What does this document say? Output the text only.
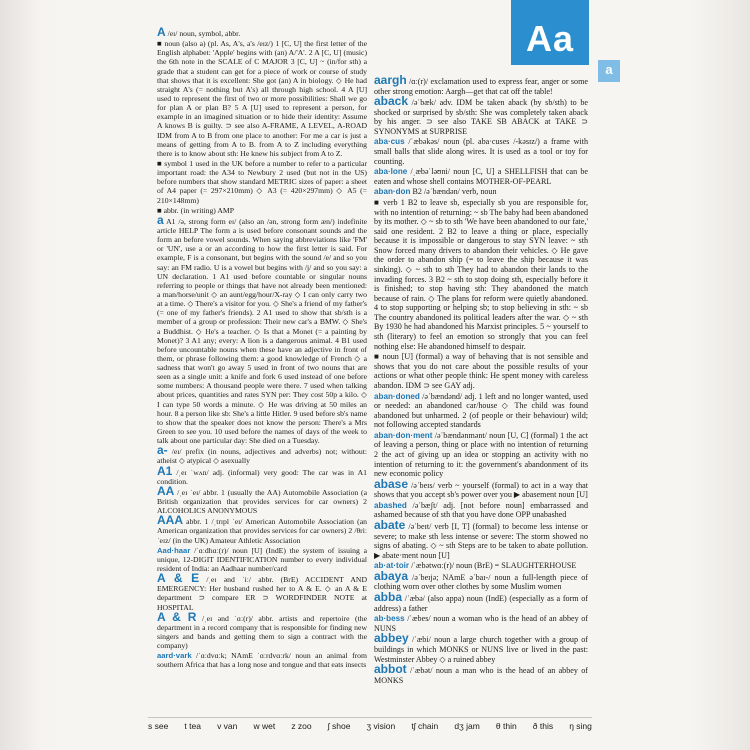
A /eɪ/ noun, symbol, abbr.
■ noun (also a) (pl. As, A's, a's /eɪz/) 1 [C, U] the first letter of the English alphabet: 'Apple' begins with (an) A/'A'. 2 A [C, U] (music) the 6th note in the SCALE of C MAJOR 3 [C, U] ~ (in/for sth) a grade that a student can get for a piece of work or course of study that shows that it is excellent: She got (an) A in biology. ◇ He had straight A's (= nothing but A's) all through high school. 4 A [U] used to represent the first of two or more possibilities: Shall we go for plan A or plan B? 5 A [U] used to represent a person, for example in an imagined situation or to hide their identity: Assume A knows B is guilty. ⊃ see also A-FRAME, A LEVEL, A-ROAD IDM from A to B from one place to another: For me a car is just a means of getting from A to B. from A to Z including everything there is to know about sth: He knew his subject from A to Z.
■ symbol 1 used in the UK before a number to refer to a particular important road: the A34 to Newbury 2 used (but not in the US) before numbers that show standard METRIC sizes of paper: a sheet of A4 paper (= 297×210mm) ◇ A3 (= 420×297mm) ◇ A5 (= 210×148mm)
■ abbr. (in writing) AMP
a A1 /ə, strong form eɪ/ (also an /ən, strong form æn/) indefinite article HELP The form a is used before consonant sounds and the form an before vowel sounds. When saying abbreviations like 'FM' or 'UN', use a or an according to how the first letter is said. For example, F is a consonant, but begins with the sound /e/ and so you say: an FM radio. U is a vowel but begins with /j/ and so you say: a UN declaration. 1 A1 used before countable or singular nouns referring to people or things that have not already been mentioned: a man/horse/unit ◇ an aunt/egg/hour/X-ray ◇ I can only carry two at a time. ◇ There's a visitor for you. ◇ She's a friend of my father's (= one of my father's friends). 2 A1 used to show that sb/sth is a member of a group or profession: Their new car's a BMW. ◇ She's a Buddhist. ◇ He's a teacher. ◇ Is that a Monet (= a painting by Monet)? 3 A1 any; every: A lion is a dangerous animal. 4 B1 used before uncountable nouns when these have an adjective in front of them, or phrase following them: a good knowledge of French ◇ a sadness that won't go away 5 used in front of two nouns that are seen as a single unit: a knife and fork 6 used instead of one before some numbers: A thousand people were there. 7 used when talking about prices, quantities and rates SYN per: They cost 50p a kilo. ◇ I can type 50 words a minute. ◇ He was driving at 50 miles an hour. 8 a person like sb: She's a little Hitler. 9 used before sb's name to show that the speaker does not know the person: There's a Mrs Green to see you. 10 used before the names of days of the week to talk about one particular day: She died on a Tuesday.
a- /eɪ/ prefix (in nouns, adjectives and adverbs) not; without: atheist ◇ atypical ◇ asexually
A1 /ˌeɪ ˈwʌn/ adj. (informal) very good: The car was in A1 condition.
AA /ˌeɪ ˈeɪ/ abbr. 1 (usually the AA) Automobile Association (a British organization that provides services for car owners) 2 ALCOHOLICS ANONYMOUS
AAA abbr. 1 /ˌtrɪpl ˈeɪ/ American Automobile Association (an American organization that provides services for car owners) 2 /θriː ˈeɪz/ (in the UK) Amateur Athletic Association
Aad·haar /ˈɑːdhɑː(r)/ noun [U] (IndE) the system of issuing a unique, 12-DIGIT IDENTIFICATION number to every individual resident of India: an Aadhaar number/card
A & E /ˌeɪ ənd ˈiː/ abbr. (BrE) ACCIDENT AND EMERGENCY: Her husband rushed her to A & E. ◇ an A & E department ⊃ compare ER ⊃ WORDFINDER NOTE at HOSPITAL
A & R /ˌeɪ ənd ˈɑː(r)/ abbr. artists and repertoire (the department in a record company that is responsible for finding new singers and bands and getting them to sign a contract with the company)
aard·vark /ˈɑːdvɑːk; NAmE ˈɑːrdvɑːrk/ noun an animal from southern Africa that has a long nose and tongue and that eats insects
aargh /ɑː(r)/ exclamation used to express fear, anger or some other strong emotion: Aargh—get that cat off the table!
aback /əˈbæk/ adv. IDM be taken aback (by sb/sth) to be shocked or surprised by sb/sth: She was completely taken aback by his anger. ⊃ see also TAKE SB ABACK at TAKE ⊃ SYNONYMS at SURPRISE
aba·cus /ˈæbəkəs/ noun (pl. aba·cuses /-kəsɪz/) a frame with small balls that slide along wires. It is used as a tool or toy for counting.
aba·lone /ˌæbəˈləʊni/ noun [C, U] a SHELLFISH that can be eaten and whose shell contains MOTHER-OF-PEARL
aban·don B2 /əˈbændən/ verb, noun
■ verb 1 B2 to leave sb, especially sb you are responsible for, with no intention of returning: ~ sb The baby had been abandoned by its mother. ◇ ~ sb to sth 'We have been abandoned to our fate,' said one resident. 2 B2 to leave a thing or place, especially because it is impossible or dangerous to stay SYN leave: ~ sth Snow forced many drivers to abandon their vehicles. ◇ He gave the order to abandon ship (= to leave the ship because it was sinking). ◇ ~ sth to sth They had to abandon their lands to the invading forces. 3 B2 ~ sth to stop doing sth, especially before it is finished; to stop having sth: They abandoned the match because of rain. ◇ The plans for reform were quietly abandoned. 4 to stop supporting or helping sb; to stop believing in sth: ~ sb The country abandoned its political leaders after the war. ◇ ~ sth By 1930 he had abandoned his Marxist principles. 5 ~ yourself to sth (literary) to feel an emotion so strongly that you can feel nothing else: He abandoned himself to despair.
■ noun [U] (formal) a way of behaving that is not sensible and shows that you do not care about the possible results of your actions or what other people think: He spent money with careless abandon. IDM ⊃ see GAY adj.
aban·doned /əˈbændənd/ adj. 1 left and no longer wanted, used or needed: an abandoned car/house ◇ The child was found abandoned but unharmed. 2 (of people or their behaviour) wild; not following accepted standards
aban·don·ment /əˈbændənmənt/ noun [U, C] (formal) 1 the act of leaving a person, thing or place with no intention of returning 2 the act of giving up an idea or stopping an activity with no intention of returning to it: the government's abandonment of its new economic policy
abase /əˈbeɪs/ verb ~ yourself (formal) to act in a way that shows that you accept sb's power over you ▶ abasement noun [U]
abashed /əˈbæʃt/ adj. [not before noun] embarrassed and ashamed because of sth that you have done OPP unabashed
abate /əˈbeɪt/ verb [I, T] (formal) to become less intense or severe; to make sth less intense or severe: The storm showed no signs of abating. ◇ ~ sth Steps are to be taken to abate pollution. ▶ abate·ment noun [U]
ab·at·toir /ˈæbətwɑː(r)/ noun (BrE) = SLAUGHTERHOUSE
abaya /əˈbeɪjə; NAmE əˈbaɪ-/ noun a full-length piece of clothing worn over other clothes by some Muslim women
abba /ˈæbə/ (also appa) noun (IndE) (especially as a form of address) a father
ab·bess /ˈæbes/ noun a woman who is the head of an abbey of NUNS
abbey /ˈæbi/ noun a large church together with a group of buildings in which MONKS or NUNS live or lived in the past: Westminster Abbey ◇ a ruined abbey
abbot /ˈæbət/ noun a man who is the head of an abbey of MONKS
Aa
a
s see t tea v van w wet z zoo ʃ shoe ʒ vision tʃ chain dʒ jam θ thin ð this ŋ sing
